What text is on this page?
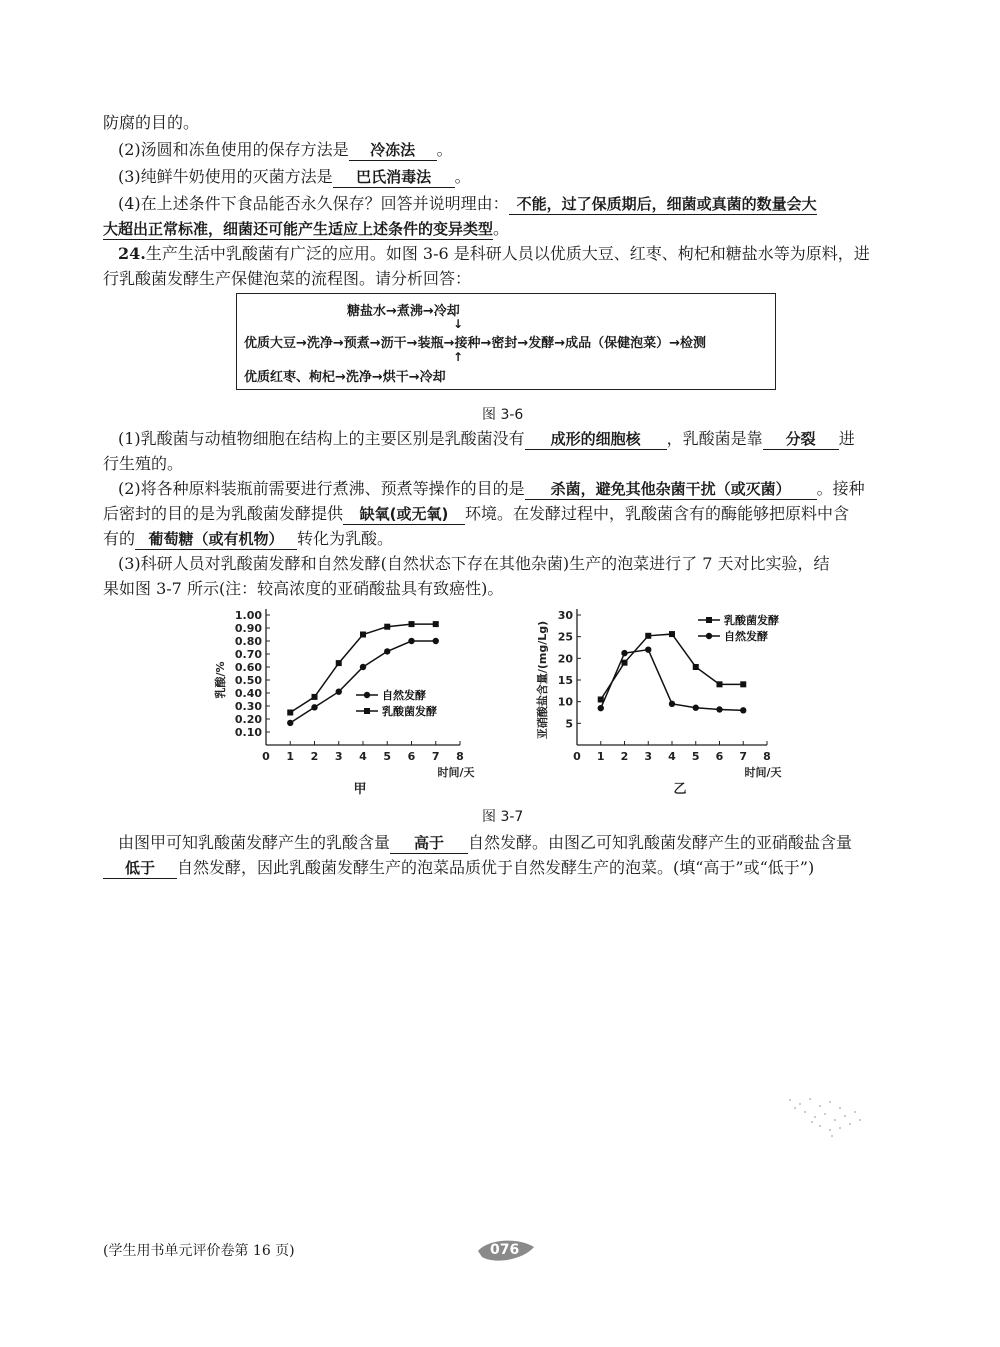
防腐的目的。
(2)汤圆和冻鱼使用的保存方法是 冷冻法 。
(3)纯鲜牛奶使用的灭菌方法是 巴氏消毒法 。
(4)在上述条件下食品能否永久保存？回答并说明理由： 不能，过了保质期后，细菌或真菌的数量会大
大超出正常标准，细菌还可能产生适应上述条件的变异类型。
24.生产生活中乳酸菌有广泛的应用。如图 3-6 是科研人员以优质大豆、红枣、枸杞和糖盐水等为原料，进
行乳酸菌发酵生产保健泡菜的流程图。请分析回答：
糖盐水→煮沸→冷却
↓
优质大豆→洗净→预煮→沥干→装瓶→接种→密封→发酵→成品（保健泡菜）→检测
↑
优质红枣、枸杞→洗净→烘干→冷却
图 3-6
(1)乳酸菌与动植物细胞在结构上的主要区别是乳酸菌没有 成形的细胞核 ，乳酸菌是靠 分裂 进
行生殖的。
(2)将各种原料装瓶前需要进行煮沸、预煮等操作的目的是 杀菌，避免其他杂菌干扰（或灭菌） 。接种
后密封的目的是为乳酸菌发酵提供 缺氧(或无氧) 环境。在发酵过程中，乳酸菌含有的酶能够把原料中含
有的 葡萄糖（或有机物） 转化为乳酸。
(3)科研人员对乳酸菌发酵和自然发酵(自然状态下存在其他杂菌)生产的泡菜进行了 7 天对比实验，结
果如图 3-7 所示(注：较高浓度的亚硝酸盐具有致癌性)。
0 1 2 3 4 5 6 7 8
0.10
0.20
0.30
0.40
0.50
0.60
0.70
0.80
0.90
1.00
时间/天
乳酸/%
甲
自然发酵
乳酸菌发酵
0 1 2 3 4 5 6 7 8
5
10
15
20
25
30
时间/天
亚硝酸盐含量/(mg/Lg)
乙
乳酸菌发酵
自然发酵
图 3-7
由图甲可知乳酸菌发酵产生的乳酸含量 高于 自然发酵。由图乙可知乳酸菌发酵产生的亚硝酸盐含量
低于 自然发酵，因此乳酸菌发酵生产的泡菜品质优于自然发酵生产的泡菜。(填“高于”或“低于”)
(学生用书单元评价卷第 16 页)	076
